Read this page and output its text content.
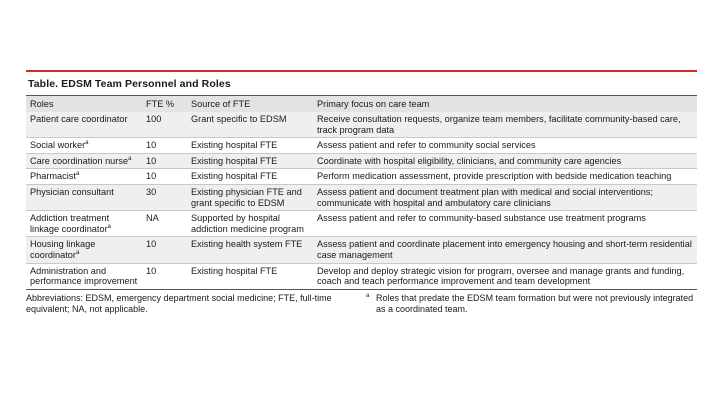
Table. EDSM Team Personnel and Roles
Roles	FTE %	Source of FTE	Primary focus on care team
Patient care coordinator	100	Grant specific to EDSM	Receive consultation requests, organize team members, facilitate community-based care, track program data
Social worker$^a$	10	Existing hospital FTE	Assess patient and refer to community social services
Care coordination nurse$^a$	10	Existing hospital FTE	Coordinate with hospital eligibility, clinicians, and community care agencies
Pharmacist$^a$	10	Existing hospital FTE	Perform medication assessment, provide prescription with bedside medication teaching
Physician consultant	30	Existing physician FTE and grant specific to EDSM	Assess patient and document treatment plan with medical and social interventions; communicate with hospital and ambulatory care clinicians
Addiction treatment linkage coordinator$^a$	NA	Supported by hospital addiction medicine program	Assess patient and refer to community-based substance use treatment programs
Housing linkage coordinator$^a$	10	Existing health system FTE	Assess patient and coordinate placement into emergency housing and short-term residential case management
Administration and performance improvement	10	Existing hospital FTE	Develop and deploy strategic vision for program, oversee and manage grants and funding, coach and teach performance improvement and team development
Abbreviations: EDSM, emergency department social medicine; FTE, full-time equivalent; NA, not applicable.
$^a$ Roles that predate the EDSM team formation but were not previously integrated as a coordinated team.
